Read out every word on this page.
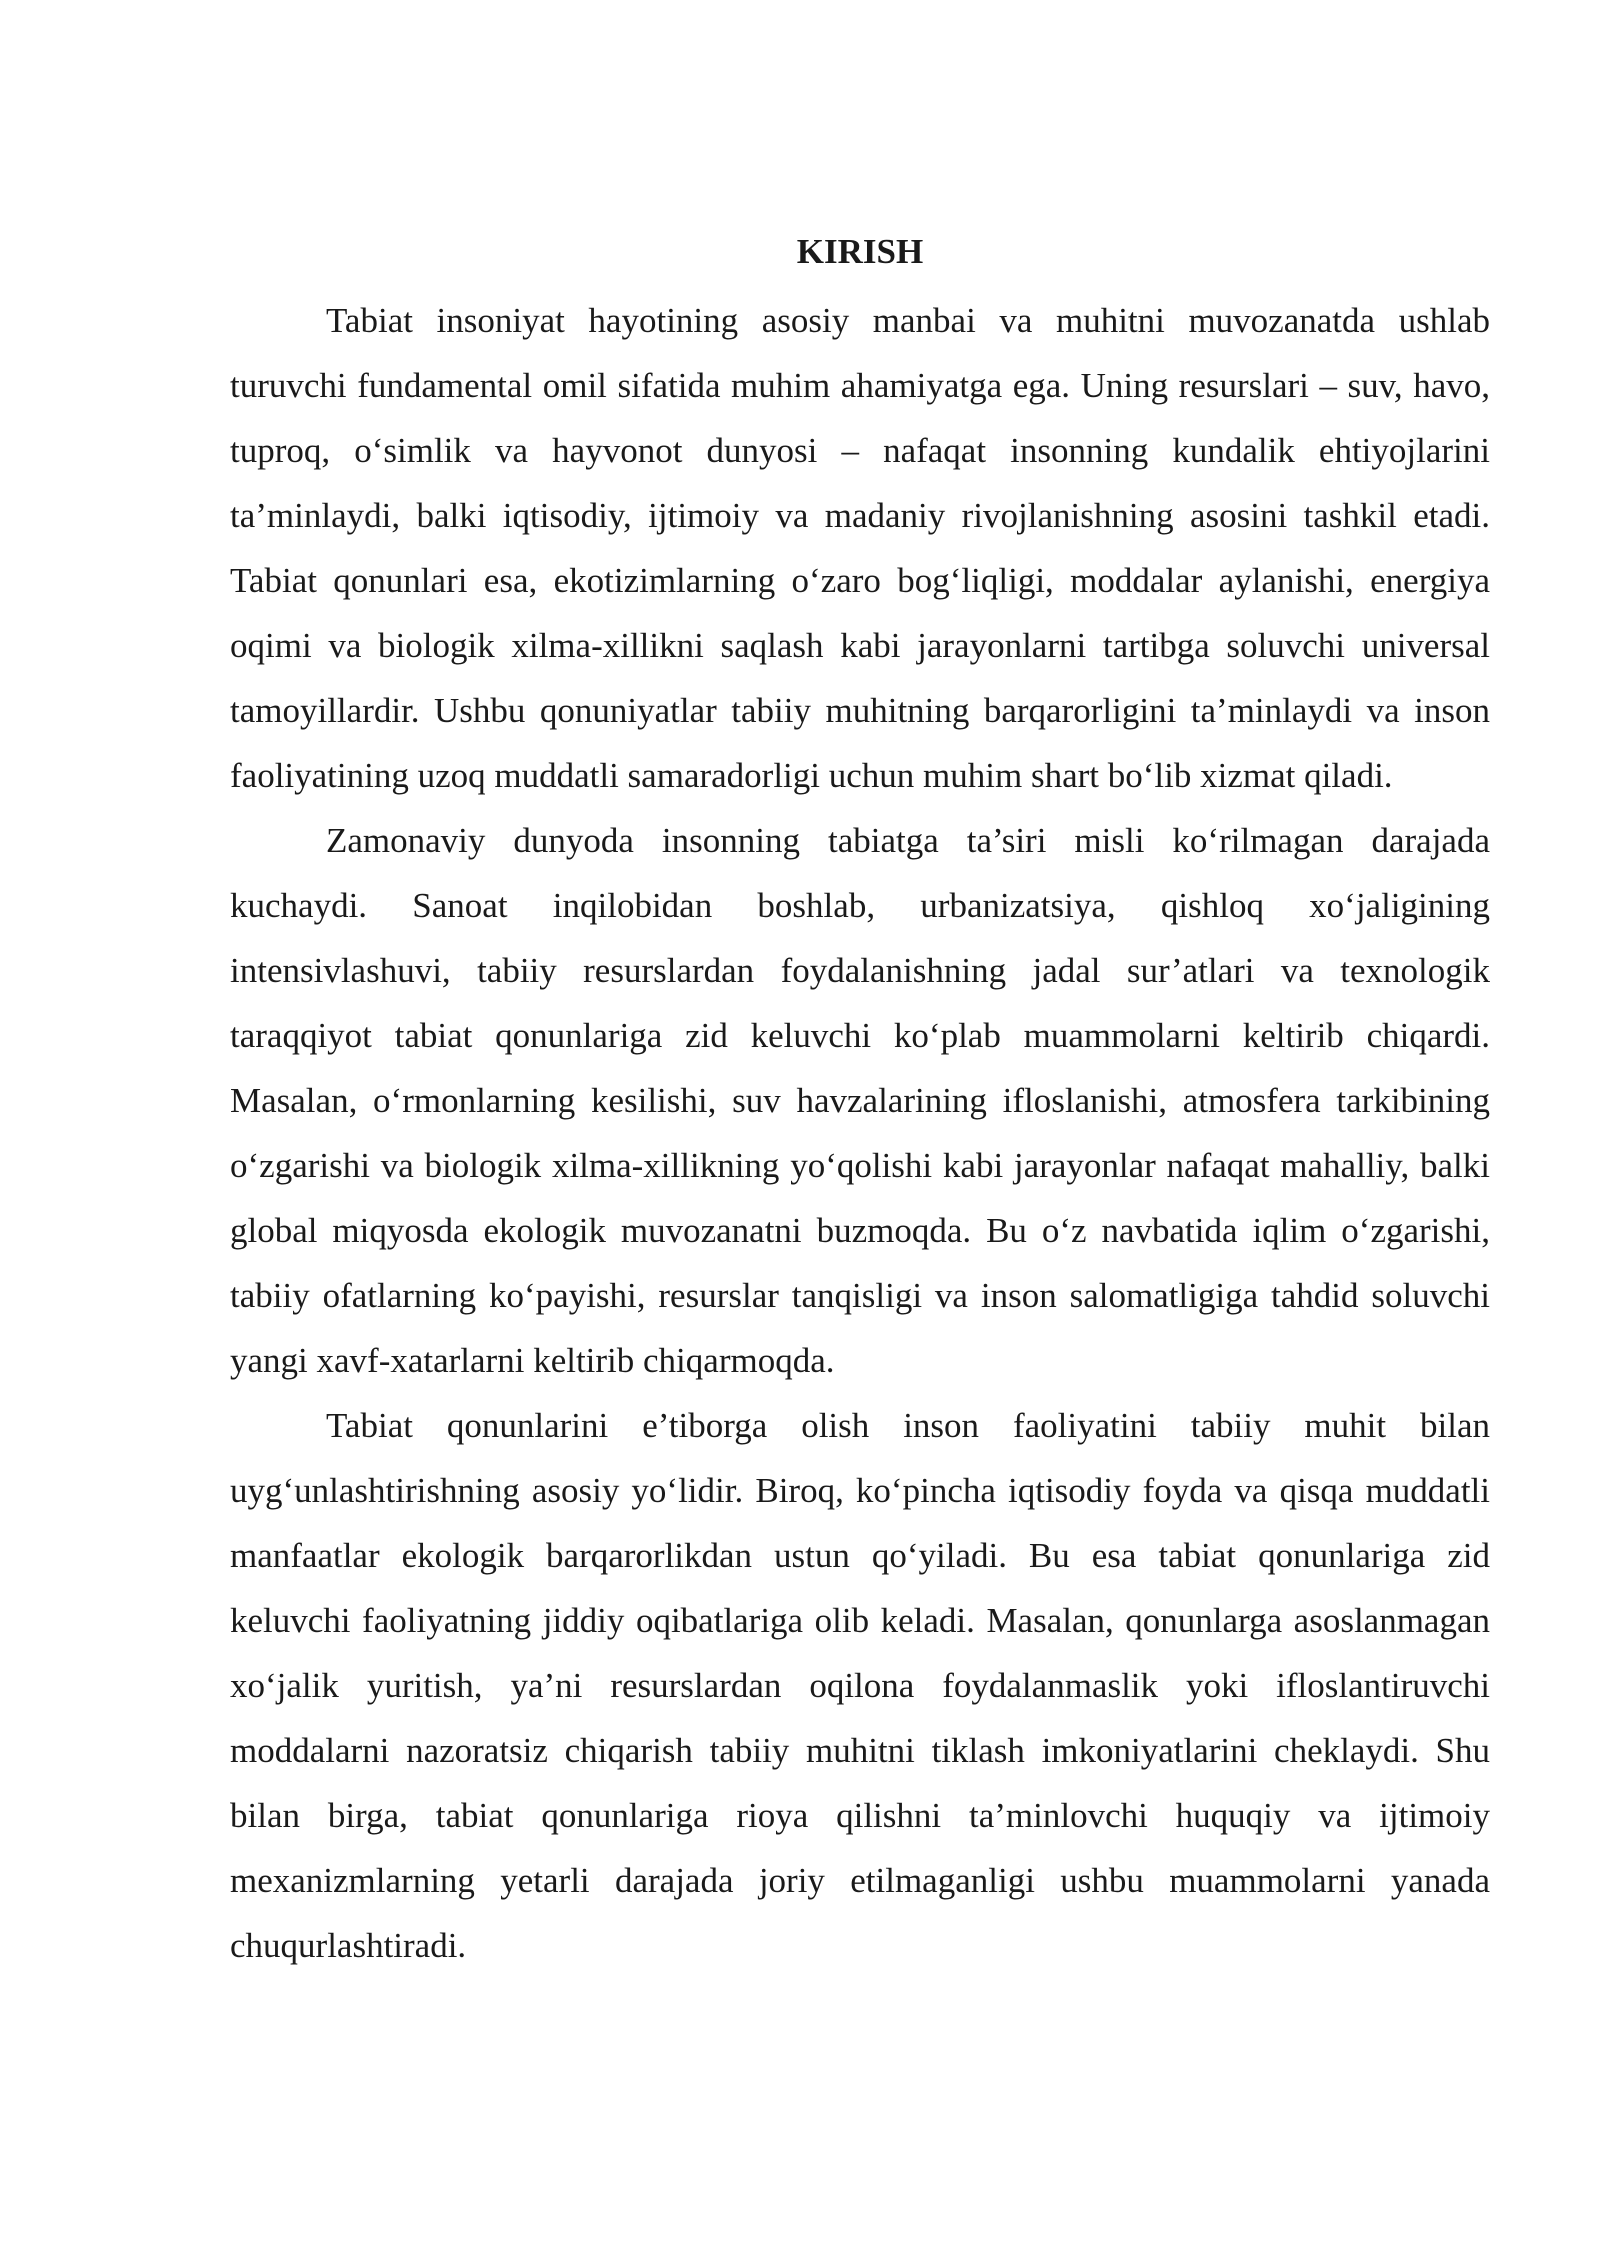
KIRISH

Tabiat insoniyat hayotining asosiy manbai va muhitni muvozanatda ushlab turuvchi fundamental omil sifatida muhim ahamiyatga ega. Uning resurslari – suv, havo, tuproq, o‘simlik va hayvonot dunyosi – nafaqat insonning kundalik ehtiyojlarini ta’minlaydi, balki iqtisodiy, ijtimoiy va madaniy rivojlanishning asosini tashkil etadi. Tabiat qonunlari esa, ekotizimlarning o‘zaro bog‘liqligi, moddalar aylanishi, energiya oqimi va biologik xilma-xillikni saqlash kabi jarayonlarni tartibga soluvchi universal tamoyillardir. Ushbu qonuniyatlar tabiiy muhitning barqarorligini ta’minlaydi va inson faoliyatining uzoq muddatli samaradorligi uchun muhim shart bo‘lib xizmat qiladi.

Zamonaviy dunyoda insonning tabiatga ta’siri misli ko‘rilmagan darajada kuchaydi. Sanoat inqilobidan boshlab, urbanizatsiya, qishloq xo‘jaligining intensivlashuvi, tabiiy resurslardan foydalanishning jadal sur’atlari va texnologik taraqqiyot tabiat qonunlariga zid keluvchi ko‘plab muammolarni keltirib chiqardi. Masalan, o‘rmonlarning kesilishi, suv havzalarining ifloslanishi, atmosfera tarkibining o‘zgarishi va biologik xilma-xillikning yo‘qolishi kabi jarayonlar nafaqat mahalliy, balki global miqyosda ekologik muvozanatni buzmoqda. Bu o‘z navbatida iqlim o‘zgarishi, tabiiy ofatlarning ko‘payishi, resurslar tanqisligi va inson salomatligiga tahdid soluvchi yangi xavf-xatarlarni keltirib chiqarmoqda.

Tabiat qonunlarini e’tiborga olish inson faoliyatini tabiiy muhit bilan uyg‘unlashtirishning asosiy yo‘lidir. Biroq, ko‘pincha iqtisodiy foyda va qisqa muddatli manfaatlar ekologik barqarorlikdan ustun qo‘yiladi. Bu esa tabiat qonunlariga zid keluvchi faoliyatning jiddiy oqibatlariga olib keladi. Masalan, qonunlarga asoslanmagan xo‘jalik yuritish, ya’ni resurslardan oqilona foydalanmaslik yoki ifloslantiruvchi moddalarni nazoratsiz chiqarish tabiiy muhitni tiklash imkoniyatlarini cheklaydi. Shu bilan birga, tabiat qonunlariga rioya qilishni ta’minlovchi huquqiy va ijtimoiy mexanizmlarning yetarli darajada joriy etilmaganligi ushbu muammolarni yanada chuqurlashtiradi.
